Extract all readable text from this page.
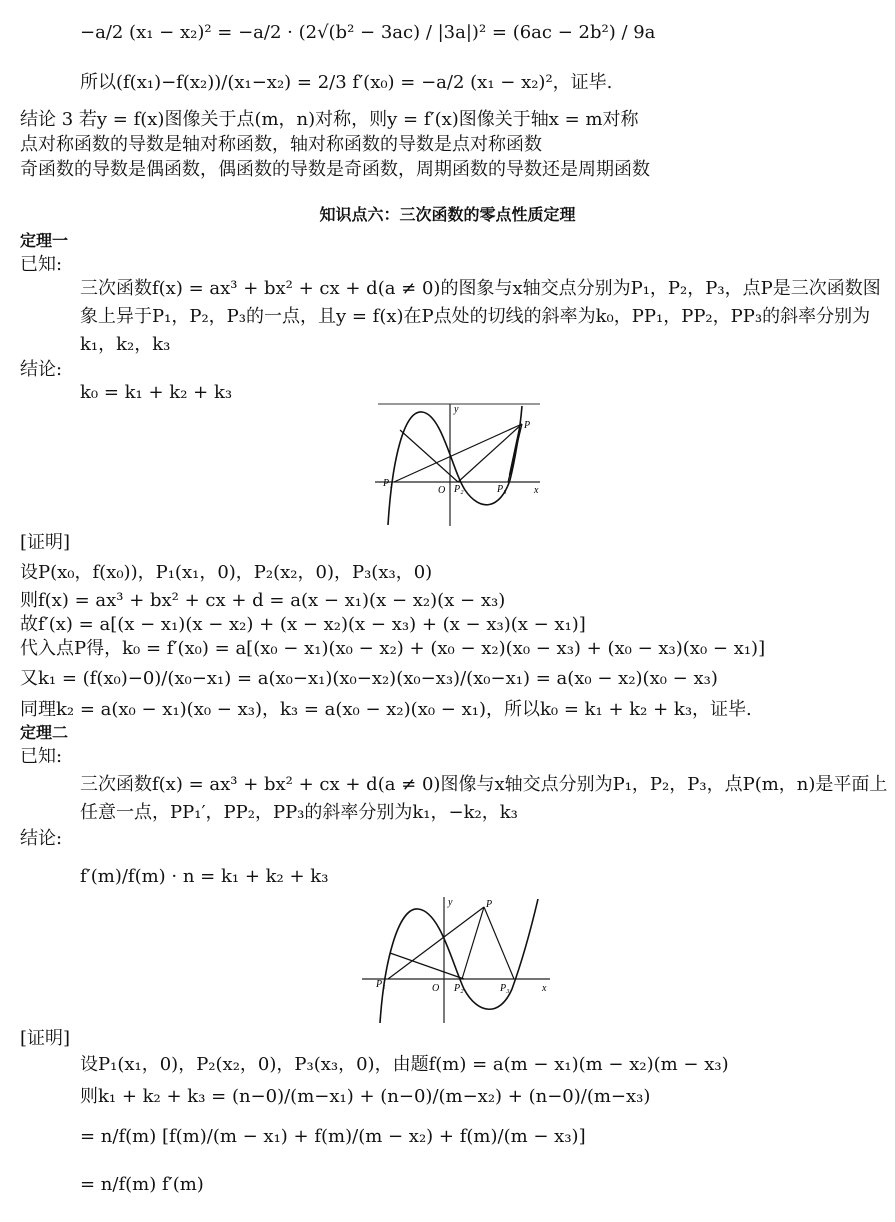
−a/2 (x₁ − x₂)² = −a/2 · (2√(b² − 3ac) / |3a|)² = (6ac − 2b²) / 9a
所以(f(x₁)−f(x₂))/(x₁−x₂) = 2/3 f′(x₀) = −a/2 (x₁ − x₂)²，证毕.
结论 3 若y = f(x)图像关于点(m，n)对称，则y = f′(x)图像关于轴x = m对称
点对称函数的导数是轴对称函数，轴对称函数的导数是点对称函数
奇函数的导数是偶函数，偶函数的导数是奇函数，周期函数的导数还是周期函数
知识点六：三次函数的零点性质定理
定理一
已知:
三次函数f(x) = ax³ + bx² + cx + d(a ≠ 0)的图象与x轴交点分别为P₁，P₂，P₃，点P是三次函数图
象上异于P₁，P₂，P₃的一点，且y = f(x)在P点处的切线的斜率为k₀，PP₁，PP₂，PP₃的斜率分别为
k₁，k₂，k₃
结论:
k₀ = k₁ + k₂ + k₃
y
x
O
P
P₁
P₂	P₃
[证明]
设P(x₀，f(x₀))，P₁(x₁，0)，P₂(x₂，0)，P₃(x₃，0)
则f(x) = ax³ + bx² + cx + d = a(x − x₁)(x − x₂)(x − x₃)
故f′(x) = a[(x − x₁)(x − x₂) + (x − x₂)(x − x₃) + (x − x₃)(x − x₁)]
代入点P得，k₀ = f′(x₀) = a[(x₀ − x₁)(x₀ − x₂) + (x₀ − x₂)(x₀ − x₃) + (x₀ − x₃)(x₀ − x₁)]
又k₁ = (f(x₀)−0)/(x₀−x₁) = a(x₀−x₁)(x₀−x₂)(x₀−x₃)/(x₀−x₁) = a(x₀ − x₂)(x₀ − x₃)
同理k₂ = a(x₀ − x₁)(x₀ − x₃)，k₃ = a(x₀ − x₂)(x₀ − x₁)，所以k₀ = k₁ + k₂ + k₃，证毕.
定理二
已知:
三次函数f(x) = ax³ + bx² + cx + d(a ≠ 0)图像与x轴交点分别为P₁，P₂，P₃，点P(m，n)是平面上
任意一点，PP₁′，PP₂，PP₃的斜率分别为k₁，−k₂，k₃
结论:
f′(m)/f(m) · n = k₁ + k₂ + k₃
y
x
O
P
P₁	P₂	P₃
[证明]
设P₁(x₁，0)，P₂(x₂，0)，P₃(x₃，0)，由题f(m) = a(m − x₁)(m − x₂)(m − x₃)
则k₁ + k₂ + k₃ = (n−0)/(m−x₁) + (n−0)/(m−x₂) + (n−0)/(m−x₃)
= n/f(m) [f(m)/(m − x₁) + f(m)/(m − x₂) + f(m)/(m − x₃)]
= n/f(m) f′(m)
